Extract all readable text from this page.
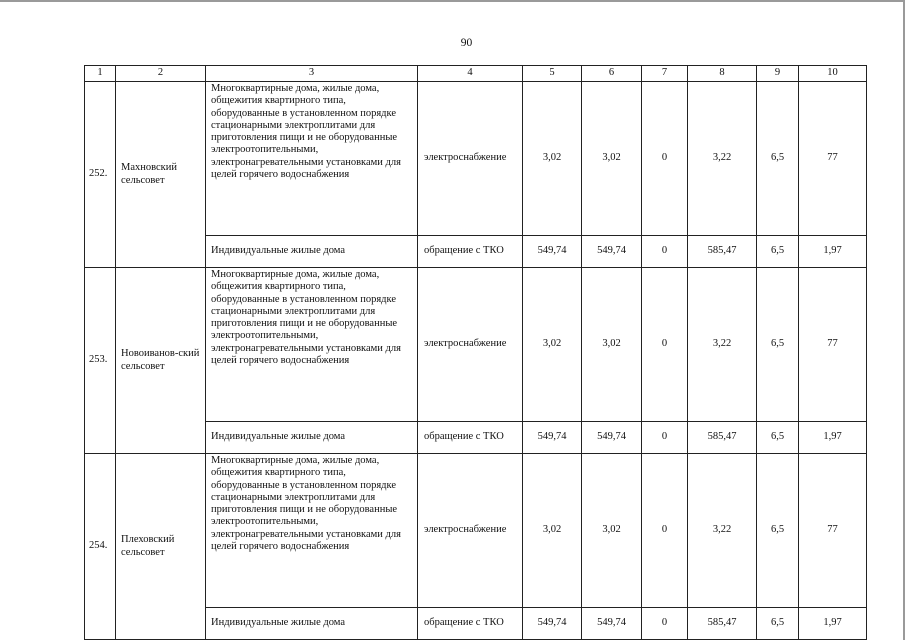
90
1	2	3	4	5	6	7	8	9	10
252.	Махновский сельсовет	Многоквартирные дома, жилые дома, общежития квартирного типа, оборудованные в установленном порядке стационарными электроплитами для приготовления пищи и не оборудованные электроотопительными, электронагревательными установками для целей горячего водоснабжения	электроснабжение	3,02	3,02	0	3,22	6,5	77
		Индивидуальные жилые дома	обращение с ТКО	549,74	549,74	0	585,47	6,5	1,97
253.	Новоиванов-ский сельсовет	Многоквартирные дома, жилые дома, общежития квартирного типа, оборудованные в установленном порядке стационарными электроплитами для приготовления пищи и не оборудованные электроотопительными, электронагревательными установками для целей горячего водоснабжения	электроснабжение	3,02	3,02	0	3,22	6,5	77
		Индивидуальные жилые дома	обращение с ТКО	549,74	549,74	0	585,47	6,5	1,97
254.	Плеховский сельсовет	Многоквартирные дома, жилые дома, общежития квартирного типа, оборудованные в установленном порядке стационарными электроплитами для приготовления пищи и не оборудованные электроотопительными, электронагревательными установками для целей горячего водоснабжения	электроснабжение	3,02	3,02	0	3,22	6,5	77
		Индивидуальные жилые дома	обращение с ТКО	549,74	549,74	0	585,47	6,5	1,97
